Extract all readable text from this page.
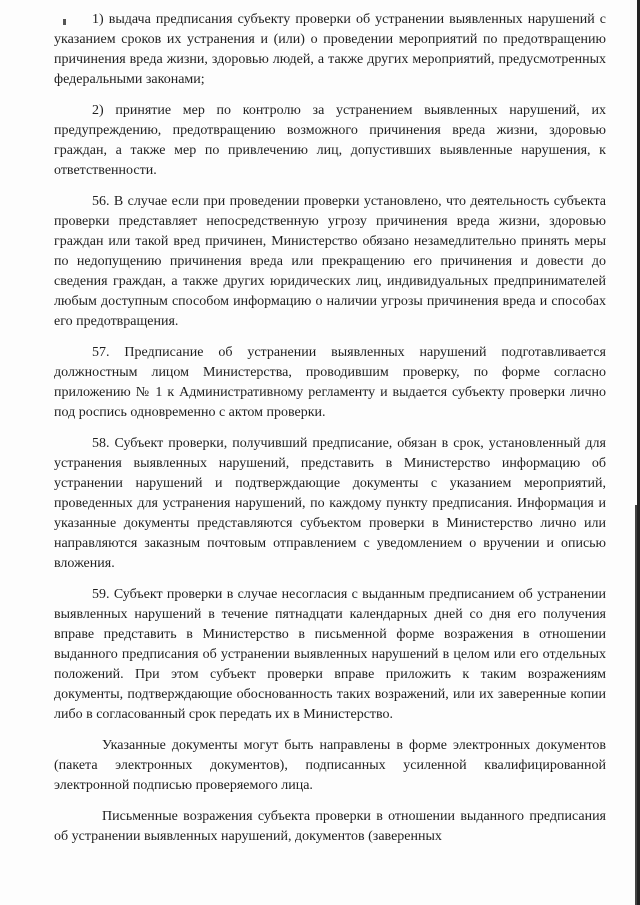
1) выдача предписания субъекту проверки об устранении выявленных нарушений с указанием сроков их устранения и (или) о проведении мероприятий по предотвращению причинения вреда жизни, здоровью людей, а также других мероприятий, предусмотренных федеральными законами;

2) принятие мер по контролю за устранением выявленных нарушений, их предупреждению, предотвращению возможного причинения вреда жизни, здоровью граждан, а также мер по привлечению лиц, допустивших выявленные нарушения, к ответственности.

56. В случае если при проведении проверки установлено, что деятельность субъекта проверки представляет непосредственную угрозу причинения вреда жизни, здоровью граждан или такой вред причинен, Министерство обязано незамедлительно принять меры по недопущению причинения вреда или прекращению его причинения и довести до сведения граждан, а также других юридических лиц, индивидуальных предпринимателей любым доступным способом информацию о наличии угрозы причинения вреда и способах его предотвращения.

57. Предписание об устранении выявленных нарушений подготавливается должностным лицом Министерства, проводившим проверку, по форме согласно приложению № 1 к Административному регламенту и выдается субъекту проверки лично под роспись одновременно с актом проверки.

58. Субъект проверки, получивший предписание, обязан в срок, установленный для устранения выявленных нарушений, представить в Министерство информацию об устранении нарушений и подтверждающие документы с указанием мероприятий, проведенных для устранения нарушений, по каждому пункту предписания. Информация и указанные документы представляются субъектом проверки в Министерство лично или направляются заказным почтовым отправлением с уведомлением о вручении и описью вложения.

59. Субъект проверки в случае несогласия с выданным предписанием об устранении выявленных нарушений в течение пятнадцати календарных дней со дня его получения вправе представить в Министерство в письменной форме возражения в отношении выданного предписания об устранении выявленных нарушений в целом или его отдельных положений. При этом субъект проверки вправе приложить к таким возражениям документы, подтверждающие обоснованность таких возражений, или их заверенные копии либо в согласованный срок передать их в Министерство.

Указанные документы могут быть направлены в форме электронных документов (пакета электронных документов), подписанных усиленной квалифицированной электронной подписью проверяемого лица.

Письменные возражения субъекта проверки в отношении выданного предписания об устранении выявленных нарушений, документов (заверенных
